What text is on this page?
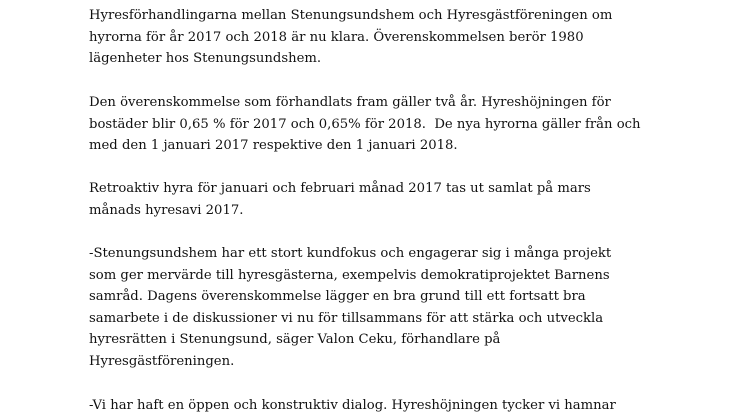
Hyresförhandlingarna mellan Stenungsundshem och Hyresgästföreningen om
hyrorna för år 2017 och 2018 är nu klara. Överenskommelsen berör 1980
lägenheter hos Stenungsundshem.

Den överenskommelse som förhandlats fram gäller två år. Hyreshöjningen för
bostäder blir 0,65 % för 2017 och 0,65% för 2018.  De nya hyrorna gäller från och
med den 1 januari 2017 respektive den 1 januari 2018.

Retroaktiv hyra för januari och februari månad 2017 tas ut samlat på mars
månads hyresavi 2017.

-Stenungsundshem har ett stort kundfokus och engagerar sig i många projekt
som ger mervärde till hyresgästerna, exempelvis demokratiprojektet Barnens
samråd. Dagens överenskommelse lägger en bra grund till ett fortsatt bra
samarbete i de diskussioner vi nu för tillsammans för att stärka och utveckla
hyresrätten i Stenungsund, säger Valon Ceku, förhandlare på
Hyresgästföreningen.

-Vi har haft en öppen och konstruktiv dialog. Hyreshöjningen tycker vi hamnar
